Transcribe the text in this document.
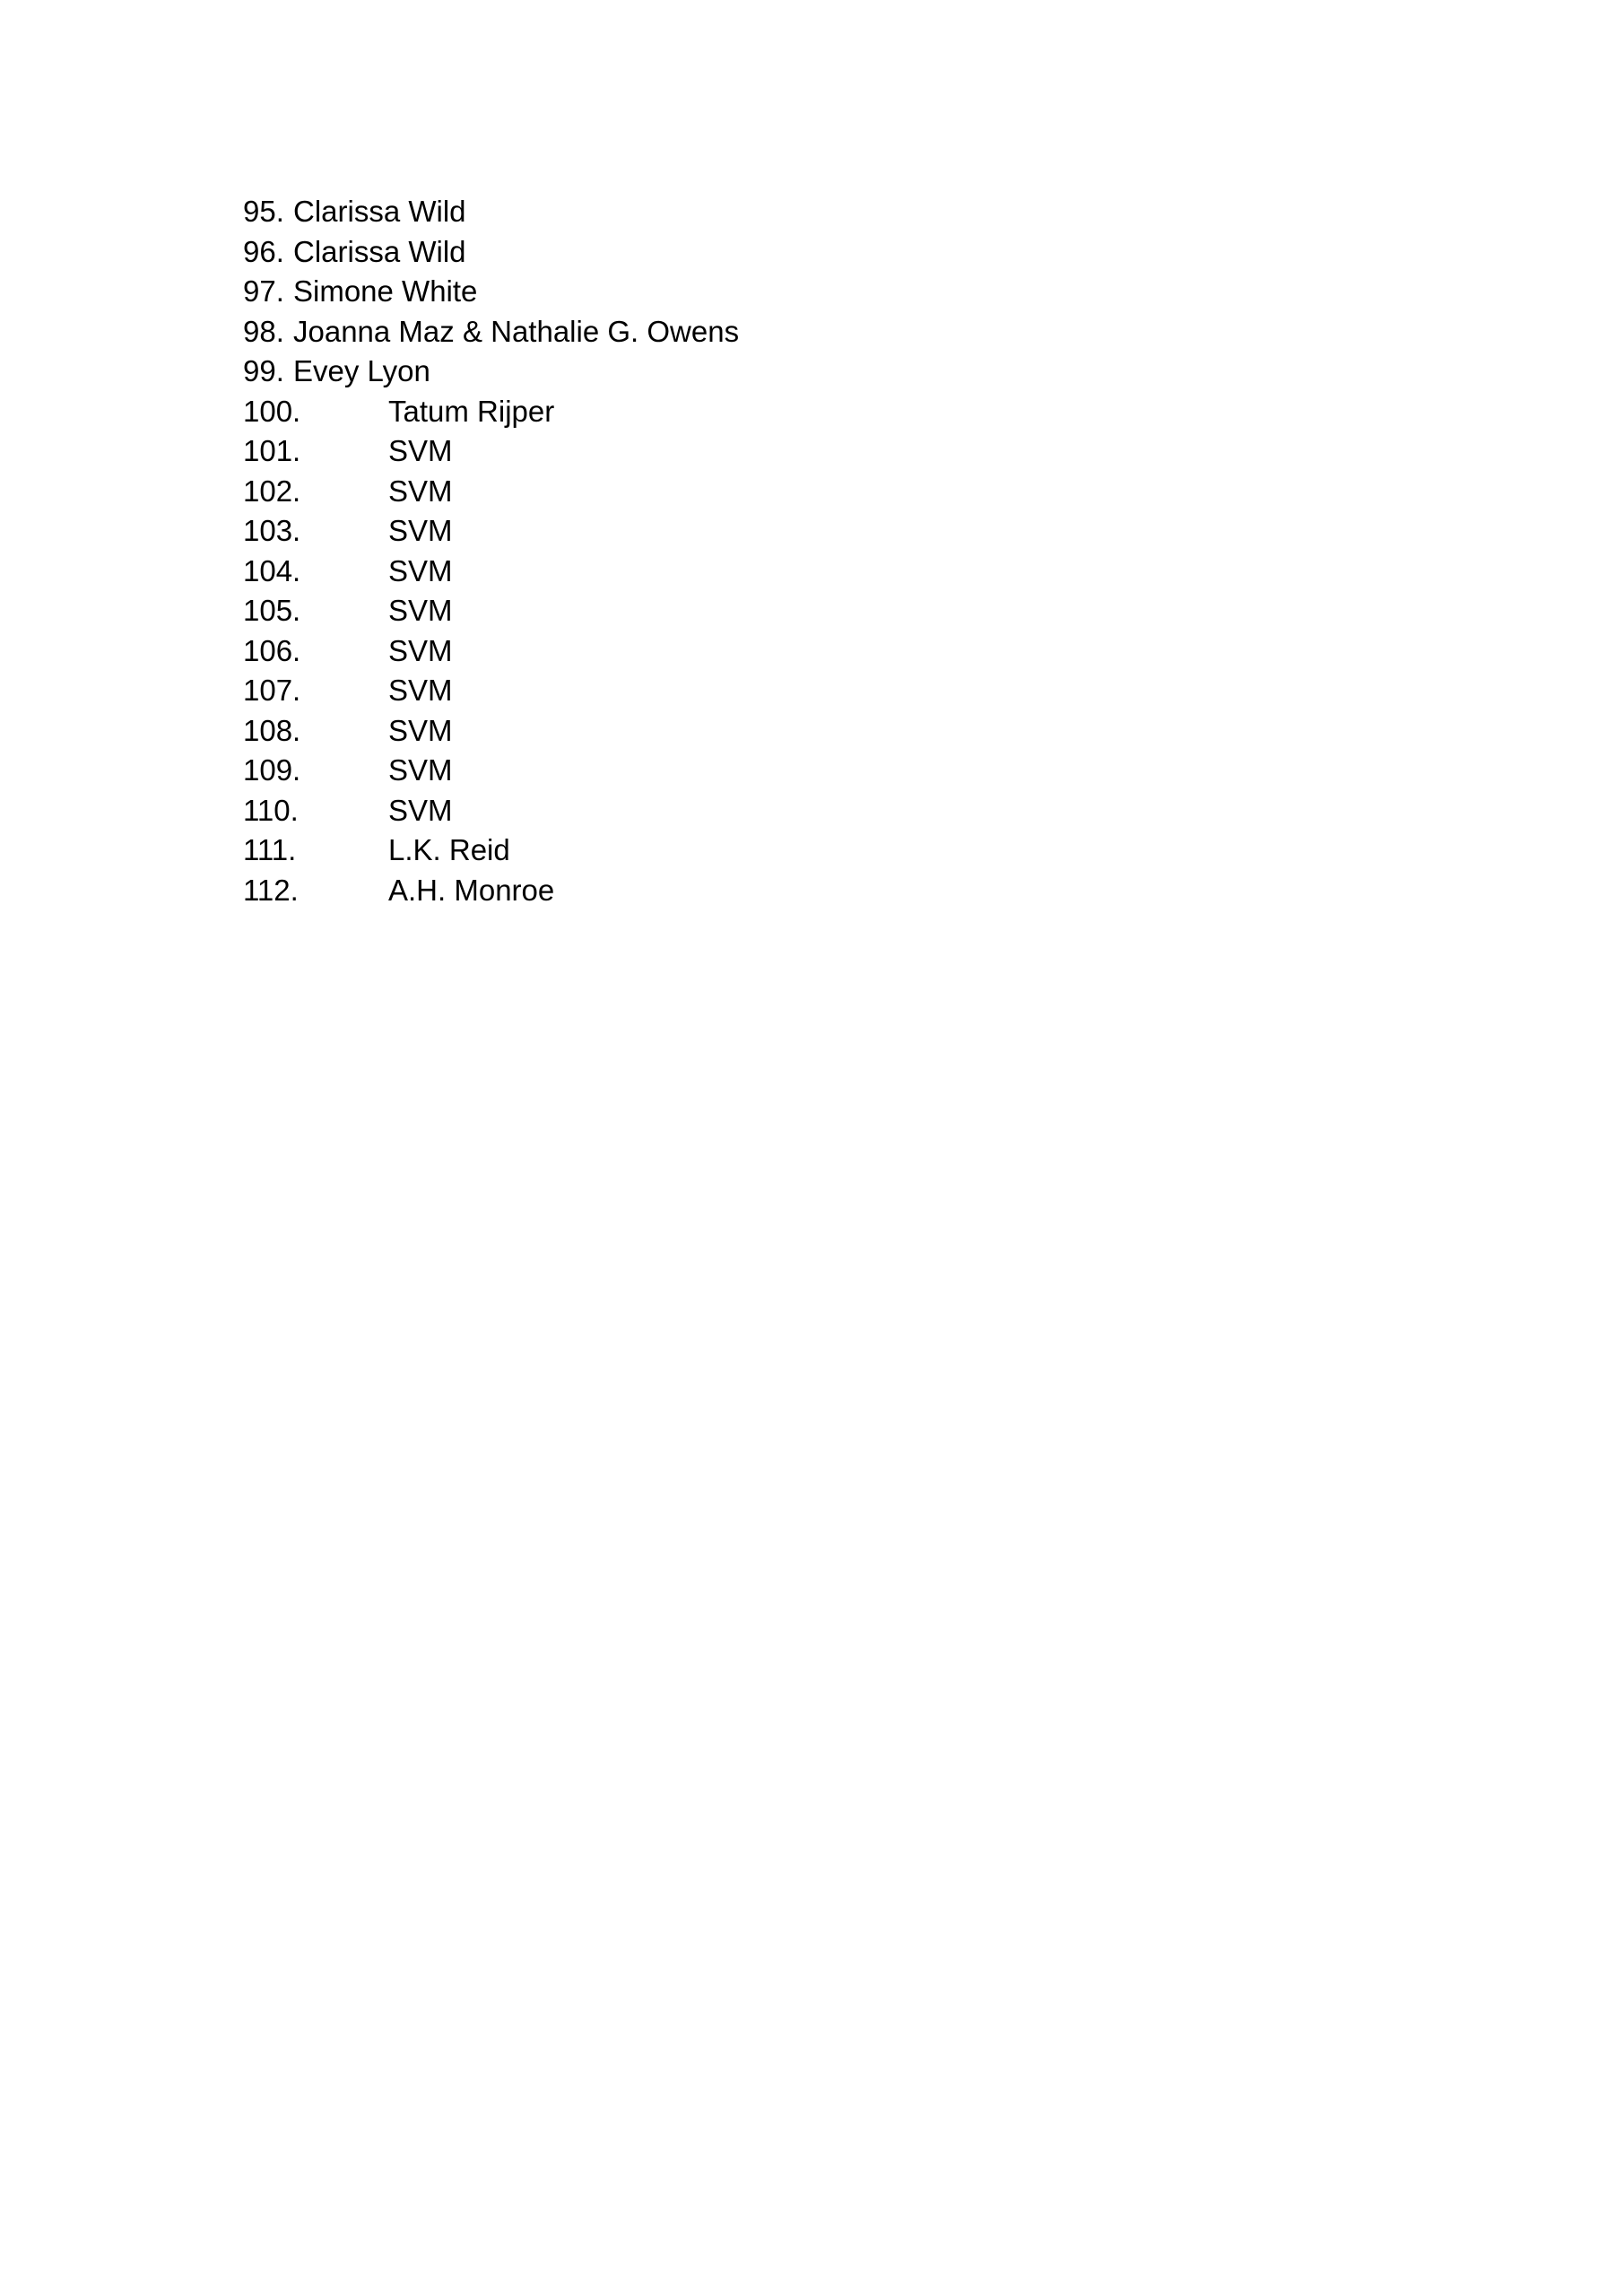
95. Clarissa Wild
96. Clarissa Wild
97. Simone White
98. Joanna Maz & Nathalie G. Owens
99. Evey Lyon
100.	Tatum Rijper
101.	SVM
102.	SVM
103.	SVM
104.	SVM
105.	SVM
106.	SVM
107.	SVM
108.	SVM
109.	SVM
110.	SVM
111.	L.K. Reid
112.	A.H. Monroe
